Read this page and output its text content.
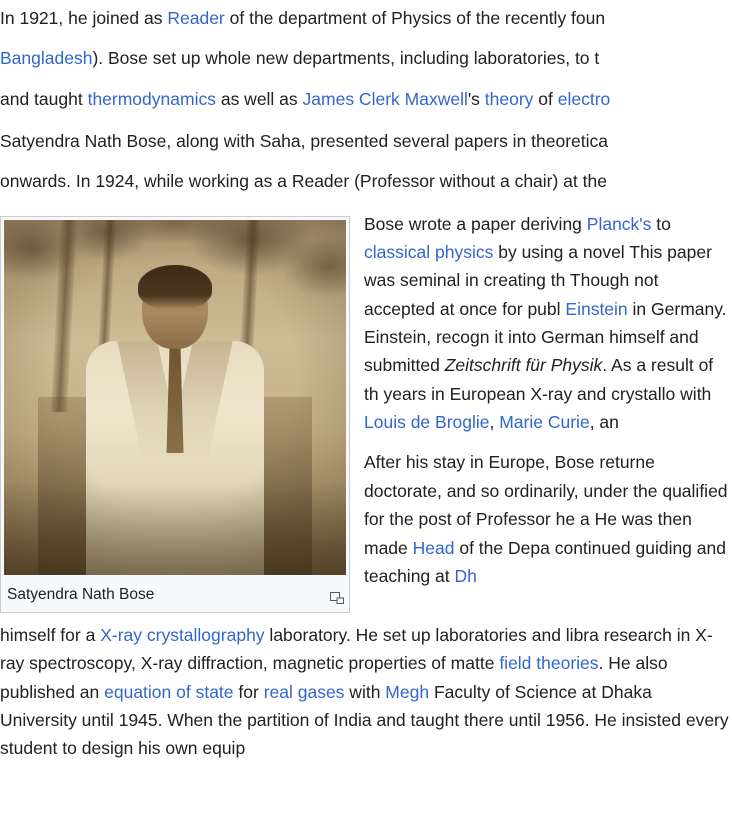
In 1921, he joined as Reader of the department of Physics of the recently foun

Bangladesh). Bose set up whole new departments, including laboratories, to t

and taught thermodynamics as well as James Clerk Maxwell's theory of electro

Satyendra Nath Bose, along with Saha, presented several papers in theoretica

onwards. In 1924, while working as a Reader (Professor without a chair) at the

Satyendra Nath Bose

Bose wrote a paper deriving Planck's to classical physics by using a novel This paper was seminal in creating th Though not accepted at once for publ Einstein in Germany. Einstein, recogn it into German himself and submitted Zeitschrift für Physik. As a result of th years in European X-ray and crystallo with Louis de Broglie, Marie Curie, an

After his stay in Europe, Bose returne doctorate, and so ordinarily, under the qualified for the post of Professor he a He was then made Head of the Depa continued guiding and teaching at Dh

himself for a X-ray crystallography laboratory. He set up laboratories and libra research in X-ray spectroscopy, X-ray diffraction, magnetic properties of matte field theories. He also published an equation of state for real gases with Megh Faculty of Science at Dhaka University until 1945. When the partition of India and taught there until 1956. He insisted every student to design his own equip
